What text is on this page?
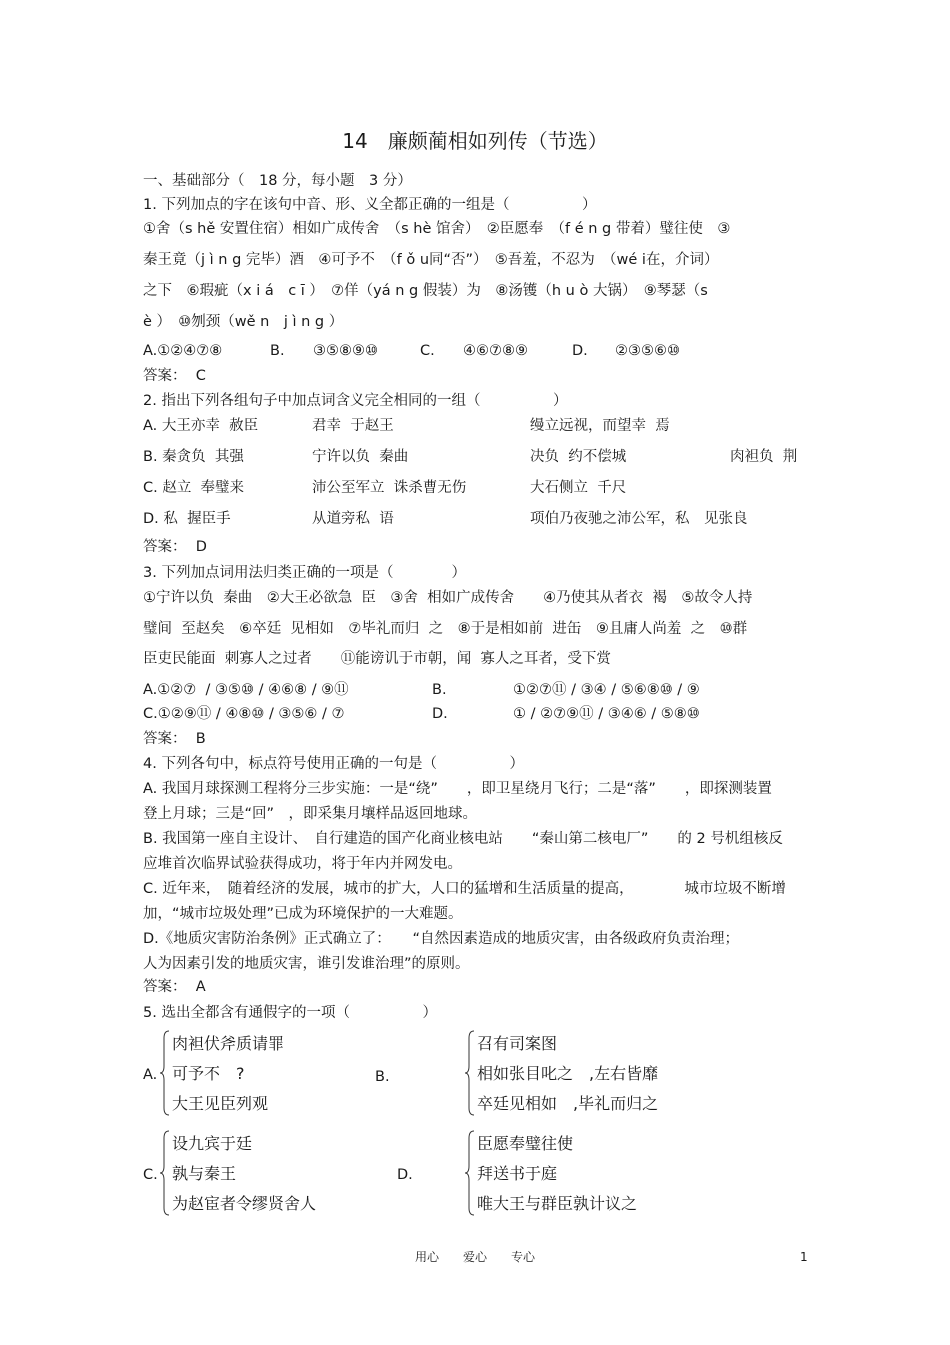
14　廉颇蔺相如列传（节选）
一、基础部分（　18 分，每小题　3 分）
1. 下列加点的字在该句中音、形、义全都正确的一组是（　　　　　）
①舍（s hě 安置住宿）相如广成传舍　（s hè 馆舍）　②臣愿奉　（f é n g 带着）璧往使　③
秦王竟（j ì n g 完毕）酒　④可予不　（f ǒ u同“否”）　⑤吾羞，不忍为　（wé i在，介词）
之下　⑥瑕疵（x i á　c ī ）　⑦佯（yá n g 假装）为　⑧汤镬（h u ò 大锅）　⑨琴瑟（s
è ）　⑩刎颈（wě n　j ì n g ）
A.①②④⑦⑧	B. ③⑤⑧⑨⑩	C. ④⑥⑦⑧⑨	D. ②③⑤⑥⑩
答案：  C
2. 指出下列各组句子中加点词含义完全相同的一组（　　　　　）
A. 大王亦幸  赦臣	君幸  于赵王	缦立远视，而望幸  焉
B. 秦贪负  其强	宁许以负  秦曲	决负  约不偿城	肉袒负  荆
C. 赵立  奉璧来	沛公至军立  诛杀曹无伤	大石侧立  千尺
D. 私  握臣手	从道旁私  语	项伯乃夜驰之沛公军，私　见张良
答案：  D
3. 下列加点词用法归类正确的一项是（　　　　）
①宁许以负  秦曲　②大王必欲急  臣　③舍  相如广成传舍　　④乃使其从者衣  褐　⑤故令人持
璧间  至赵矣　⑥卒廷  见相如　⑦毕礼而归  之　⑧于是相如前  进缶　⑨且庸人尚羞  之　⑩群
臣吏民能面  刺寡人之过者　　⑪能谤讥于市朝，闻  寡人之耳者，受下赏
A.①②⑦  / ③⑤⑩ / ④⑥⑧ / ⑨⑪	B.	①②⑦⑪ / ③④ / ⑤⑥⑧⑩ / ⑨
C.①②⑨⑪ / ④⑧⑩ / ③⑤⑥ / ⑦	D.	① / ②⑦⑨⑪ / ③④⑥ / ⑤⑧⑩
答案：  B
4. 下列各句中，标点符号使用正确的一句是（　　　　　）
A. 我国月球探测工程将分三步实施：一是“绕”　　，即卫星绕月飞行；二是“落”　　，即探测装置
登上月球；三是“回”　，即采集月壤样品返回地球。
B. 我国第一座自主设计、　自行建造的国产化商业核电站　　“秦山第二核电厂”　　的 2 号机组核反
应堆首次临界试验获得成功，将于年内并网发电。
C. 近年来，　随着经济的发展，城市的扩大，人口的猛增和生活质量的提高，　　　　城市垃圾不断增
加，“城市垃圾处理”已成为环境保护的一大难题。
D.《地质灾害防治条例》正式确立了：　　“自然因素造成的地质灾害，由各级政府负责治理；
人为因素引发的地质灾害，谁引发谁治理”的原则。
答案：  A
5. 选出全都含有通假字的一项（　　　　　）
A.
肉袒伏斧质请罪
可予不　?
大王见臣列观
B.
召有司案图
相如张目叱之　,左右皆靡
卒廷见相如　,毕礼而归之
C.
设九宾于廷
孰与秦王
为赵宦者令缪贤舍人
D.
臣愿奉璧往使
拜送书于庭
唯大王与群臣孰计议之
用心　　爱心　　专心	1
